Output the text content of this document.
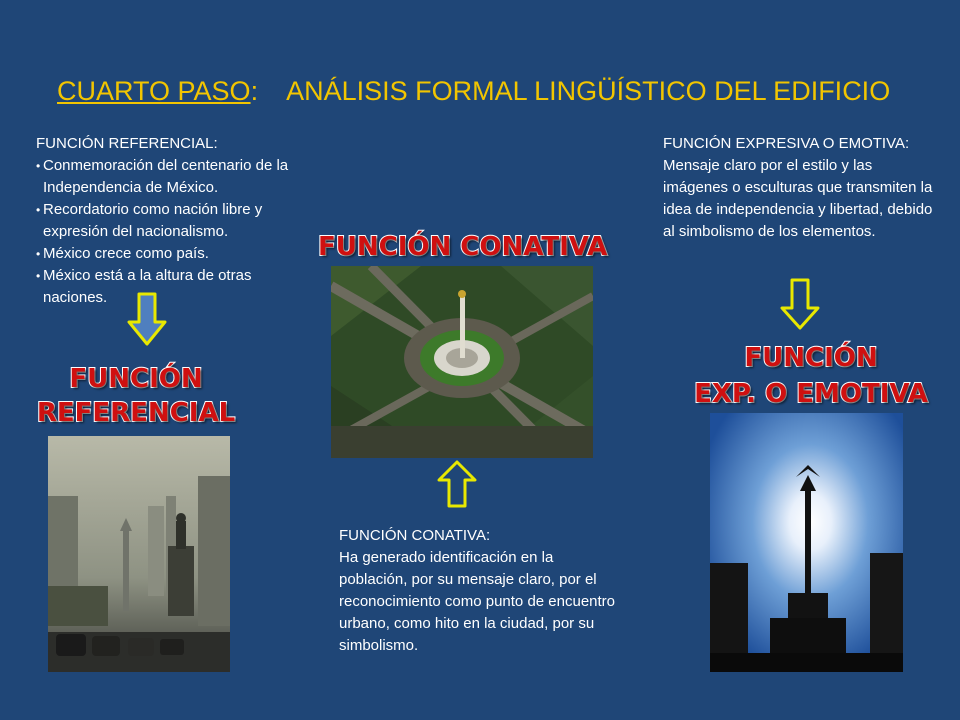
CUARTO PASO: ANÁLISIS FORMAL LINGÜÍSTICO DEL EDIFICIO

FUNCIÓN REFERENCIAL:

• Conmemoración del centenario de la Independencia de México.
• Recordatorio como nación libre y expresión del nacionalismo.
• México crece como país.
• México está a la altura de otras naciones.
FUNCIÓN
REFERENCIAL
FUNCIÓN CONATIVA

FUNCIÓN CONATIVA:

Ha generado identificación en la población, por su mensaje claro, por el reconocimiento como punto de encuentro urbano, como hito en la ciudad, por su simbolismo.

FUNCIÓN EXPRESIVA O EMOTIVA:

Mensaje claro por el estilo y las imágenes o esculturas que transmiten la idea de independencia y libertad, debido al simbolismo de los elementos.

FUNCIÓN
EXP. O EMOTIVA
